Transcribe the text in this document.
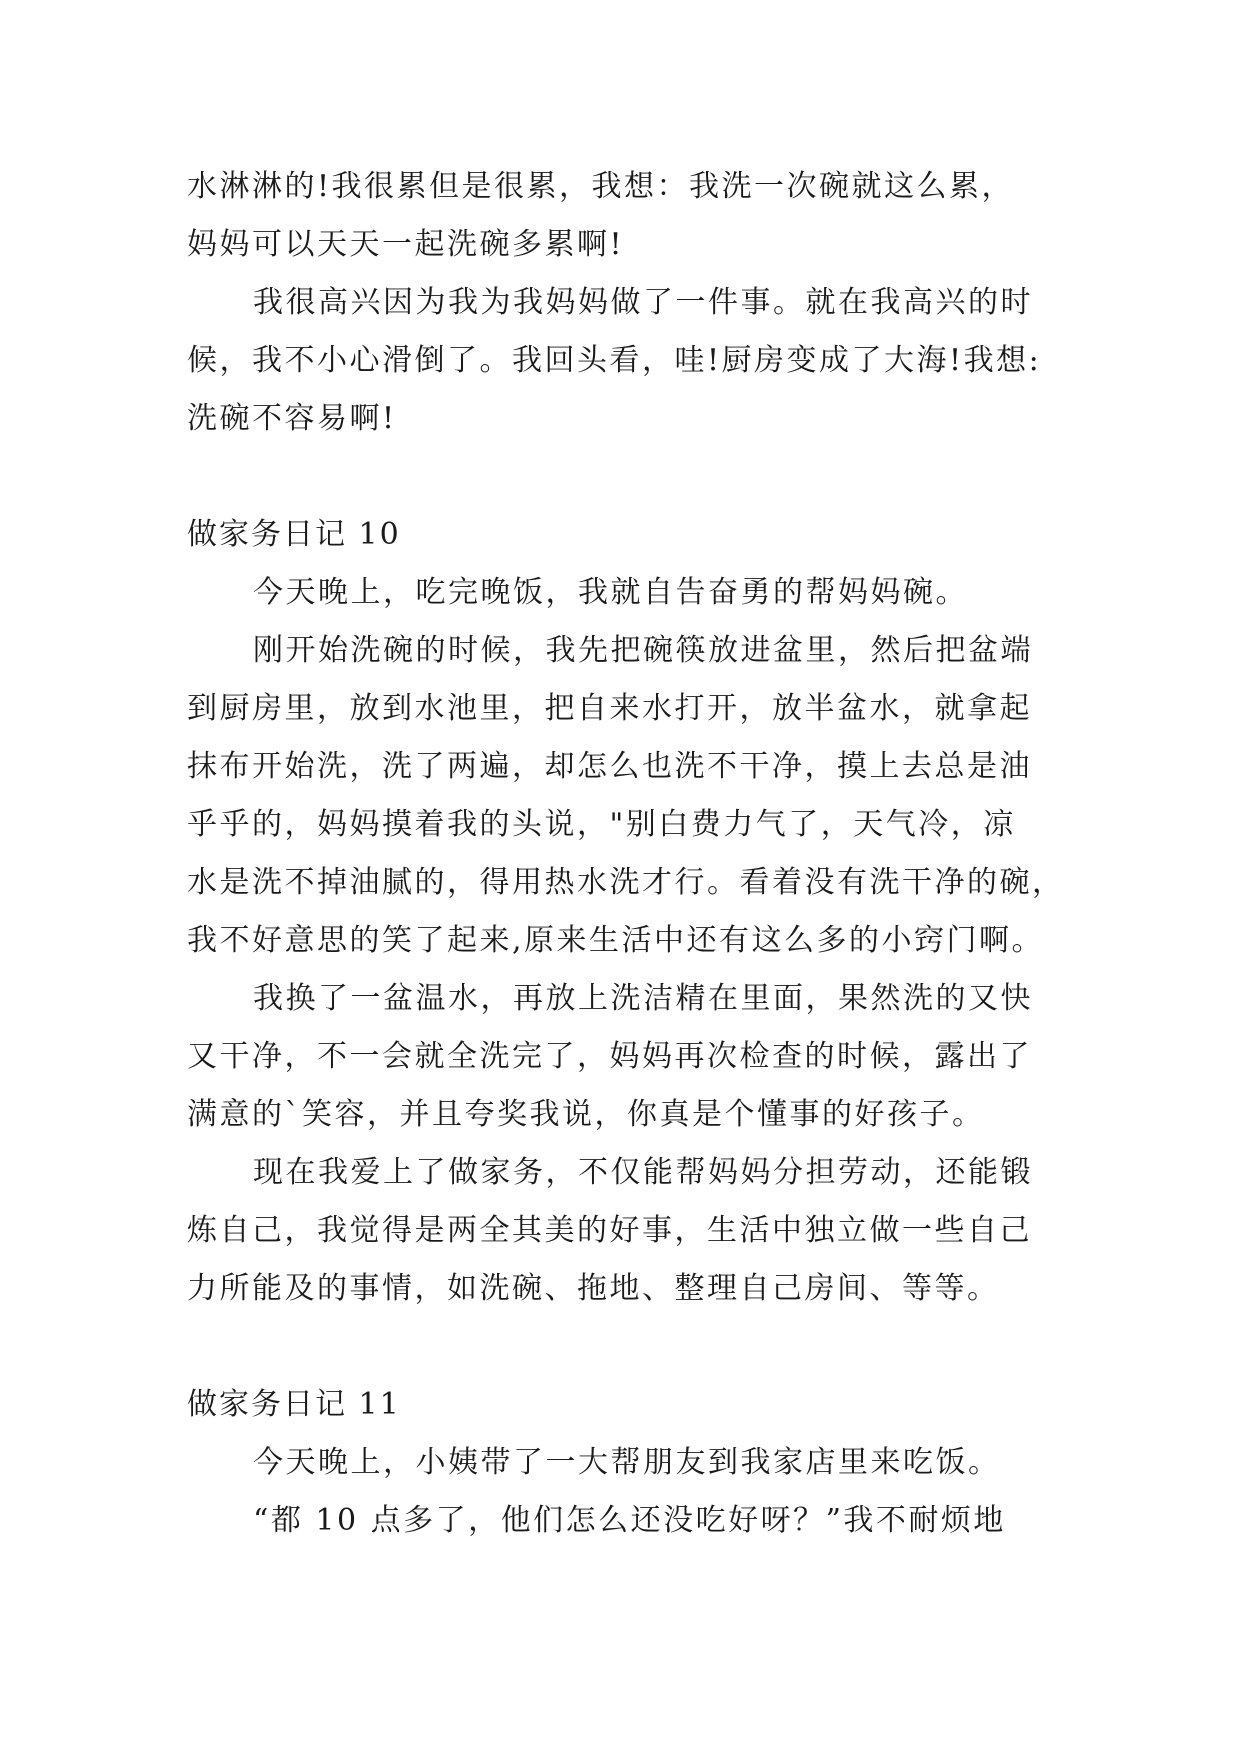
水淋淋的!我很累但是很累，我想：我洗一次碗就这么累，
妈妈可以天天一起洗碗多累啊!
我很高兴因为我为我妈妈做了一件事。就在我高兴的时
候，我不小心滑倒了。我回头看，哇!厨房变成了大海!我想:
洗碗不容易啊!
做家务日记 10
今天晚上，吃完晚饭，我就自告奋勇的帮妈妈碗。
刚开始洗碗的时候，我先把碗筷放进盆里，然后把盆端
到厨房里，放到水池里，把自来水打开，放半盆水，就拿起
抹布开始洗，洗了两遍，却怎么也洗不干净，摸上去总是油
乎乎的，妈妈摸着我的头说，"别白费力气了，天气冷，凉
水是洗不掉油腻的，得用热水洗才行。看着没有洗干净的碗，
我不好意思的笑了起来,原来生活中还有这么多的小窍门啊。
我换了一盆温水，再放上洗洁精在里面，果然洗的又快
又干净，不一会就全洗完了，妈妈再次检查的时候，露出了
满意的`笑容，并且夸奖我说，你真是个懂事的好孩子。
现在我爱上了做家务，不仅能帮妈妈分担劳动，还能锻
炼自己，我觉得是两全其美的好事，生活中独立做一些自己
力所能及的事情，如洗碗、拖地、整理自己房间、等等。
做家务日记 11
今天晚上，小姨带了一大帮朋友到我家店里来吃饭。
“都 10 点多了，他们怎么还没吃好呀？”我不耐烦地
